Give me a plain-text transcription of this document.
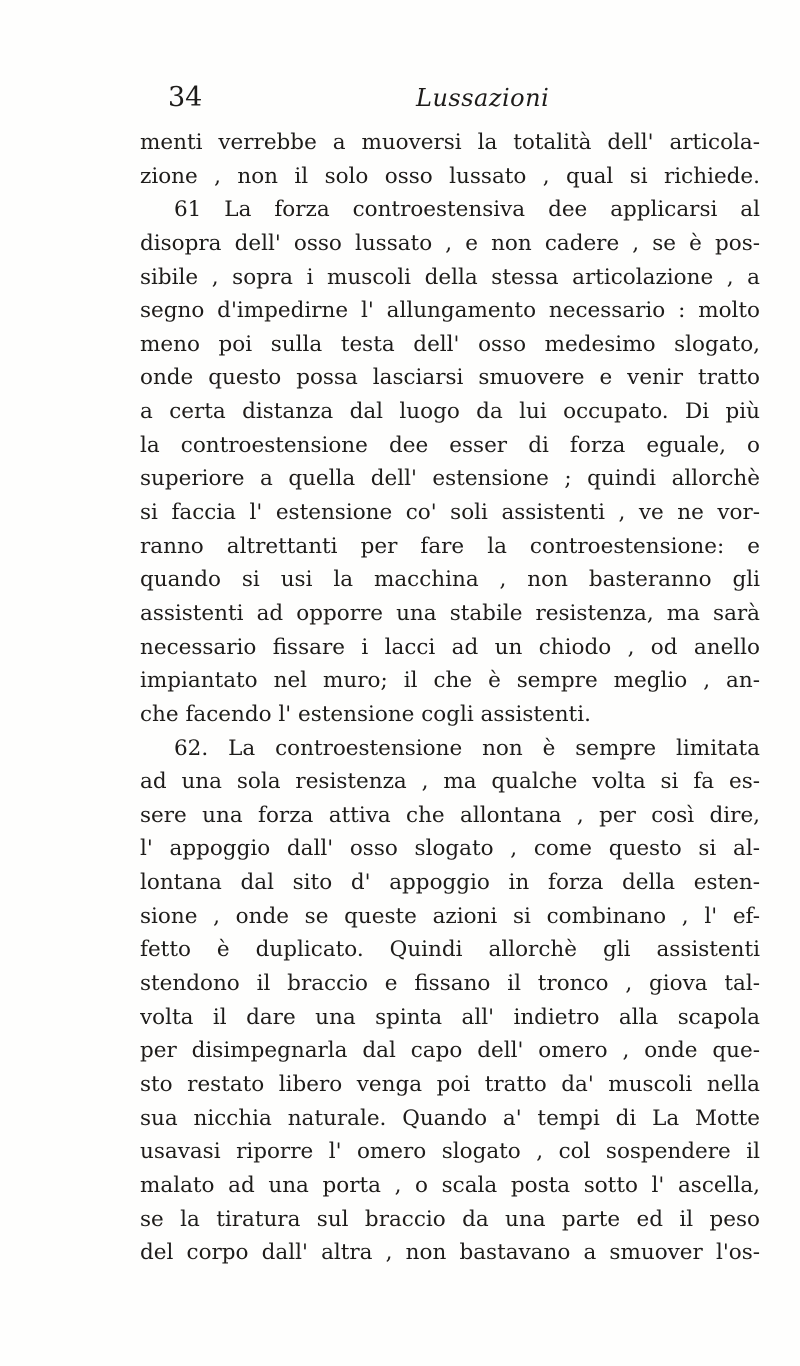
34	Lussazioni
menti verrebbe a muoversi la totalità dell' articola-
zione , non il solo osso lussato , qual si richiede.
61 La forza controestensiva dee applicarsi al
disopra dell' osso lussato , e non cadere , se è pos-
sibile , sopra i muscoli della stessa articolazione , a
segno d'impedirne l' allungamento necessario : molto
meno poi sulla testa dell' osso medesimo slogato,
onde questo possa lasciarsi smuovere e venir tratto
a certa distanza dal luogo da lui occupato. Di più
la controestensione dee esser di forza eguale, o
superiore a quella dell' estensione ; quindi allorchè
si faccia l' estensione co' soli assistenti , ve ne vor-
ranno altrettanti per fare la controestensione: e
quando si usi la macchina , non basteranno gli
assistenti ad opporre una stabile resistenza, ma sarà
necessario fissare i lacci ad un chiodo , od anello
impiantato nel muro; il che è sempre meglio , an-
che facendo l' estensione cogli assistenti.
62. La controestensione non è sempre limitata
ad una sola resistenza , ma qualche volta si fa es-
sere una forza attiva che allontana , per così dire,
l' appoggio dall' osso slogato , come questo si al-
lontana dal sito d' appoggio in forza della esten-
sione , onde se queste azioni si combinano , l' ef-
fetto è duplicato. Quindi allorchè gli assistenti
stendono il braccio e fissano il tronco , giova tal-
volta il dare una spinta all' indietro alla scapola
per disimpegnarla dal capo dell' omero , onde que-
sto restato libero venga poi tratto da' muscoli nella
sua nicchia naturale. Quando a' tempi di La Motte
usavasi riporre l' omero slogato , col sospendere il
malato ad una porta , o scala posta sotto l' ascella,
se la tiratura sul braccio da una parte ed il peso
del corpo dall' altra , non bastavano a smuover l'os-
